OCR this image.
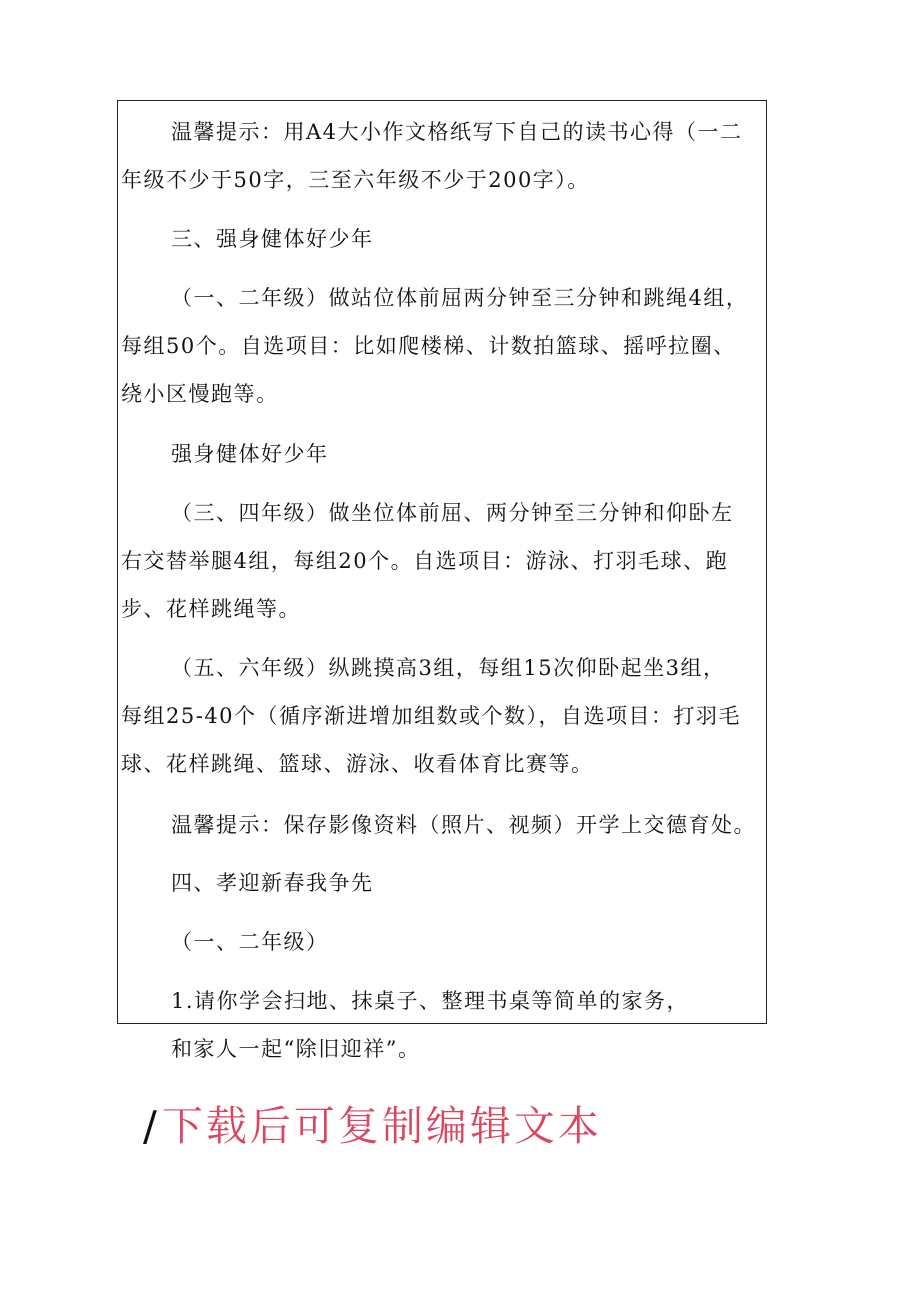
温馨提示：用A4大小作文格纸写下自己的读书心得（一二
年级不少于50字，三至六年级不少于200字）。
三、强身健体好少年
（一、二年级）做站位体前屈两分钟至三分钟和跳绳4组，
每组50个。自选项目：比如爬楼梯、计数拍篮球、摇呼拉圈、
绕小区慢跑等。
强身健体好少年
（三、四年级）做坐位体前屈、两分钟至三分钟和仰卧左
右交替举腿4组，每组20个。自选项目：游泳、打羽毛球、跑
步、花样跳绳等。
（五、六年级）纵跳摸高3组，每组15次仰卧起坐3组，
每组25-40个（循序渐进增加组数或个数），自选项目：打羽毛
球、花样跳绳、篮球、游泳、收看体育比赛等。
温馨提示：保存影像资料（照片、视频）开学上交德育处。
四、孝迎新春我争先
（一、二年级）
1.请你学会扫地、抹桌子、整理书桌等简单的家务，
和家人一起“除旧迎祥”。
/下载后可复制编辑文本
